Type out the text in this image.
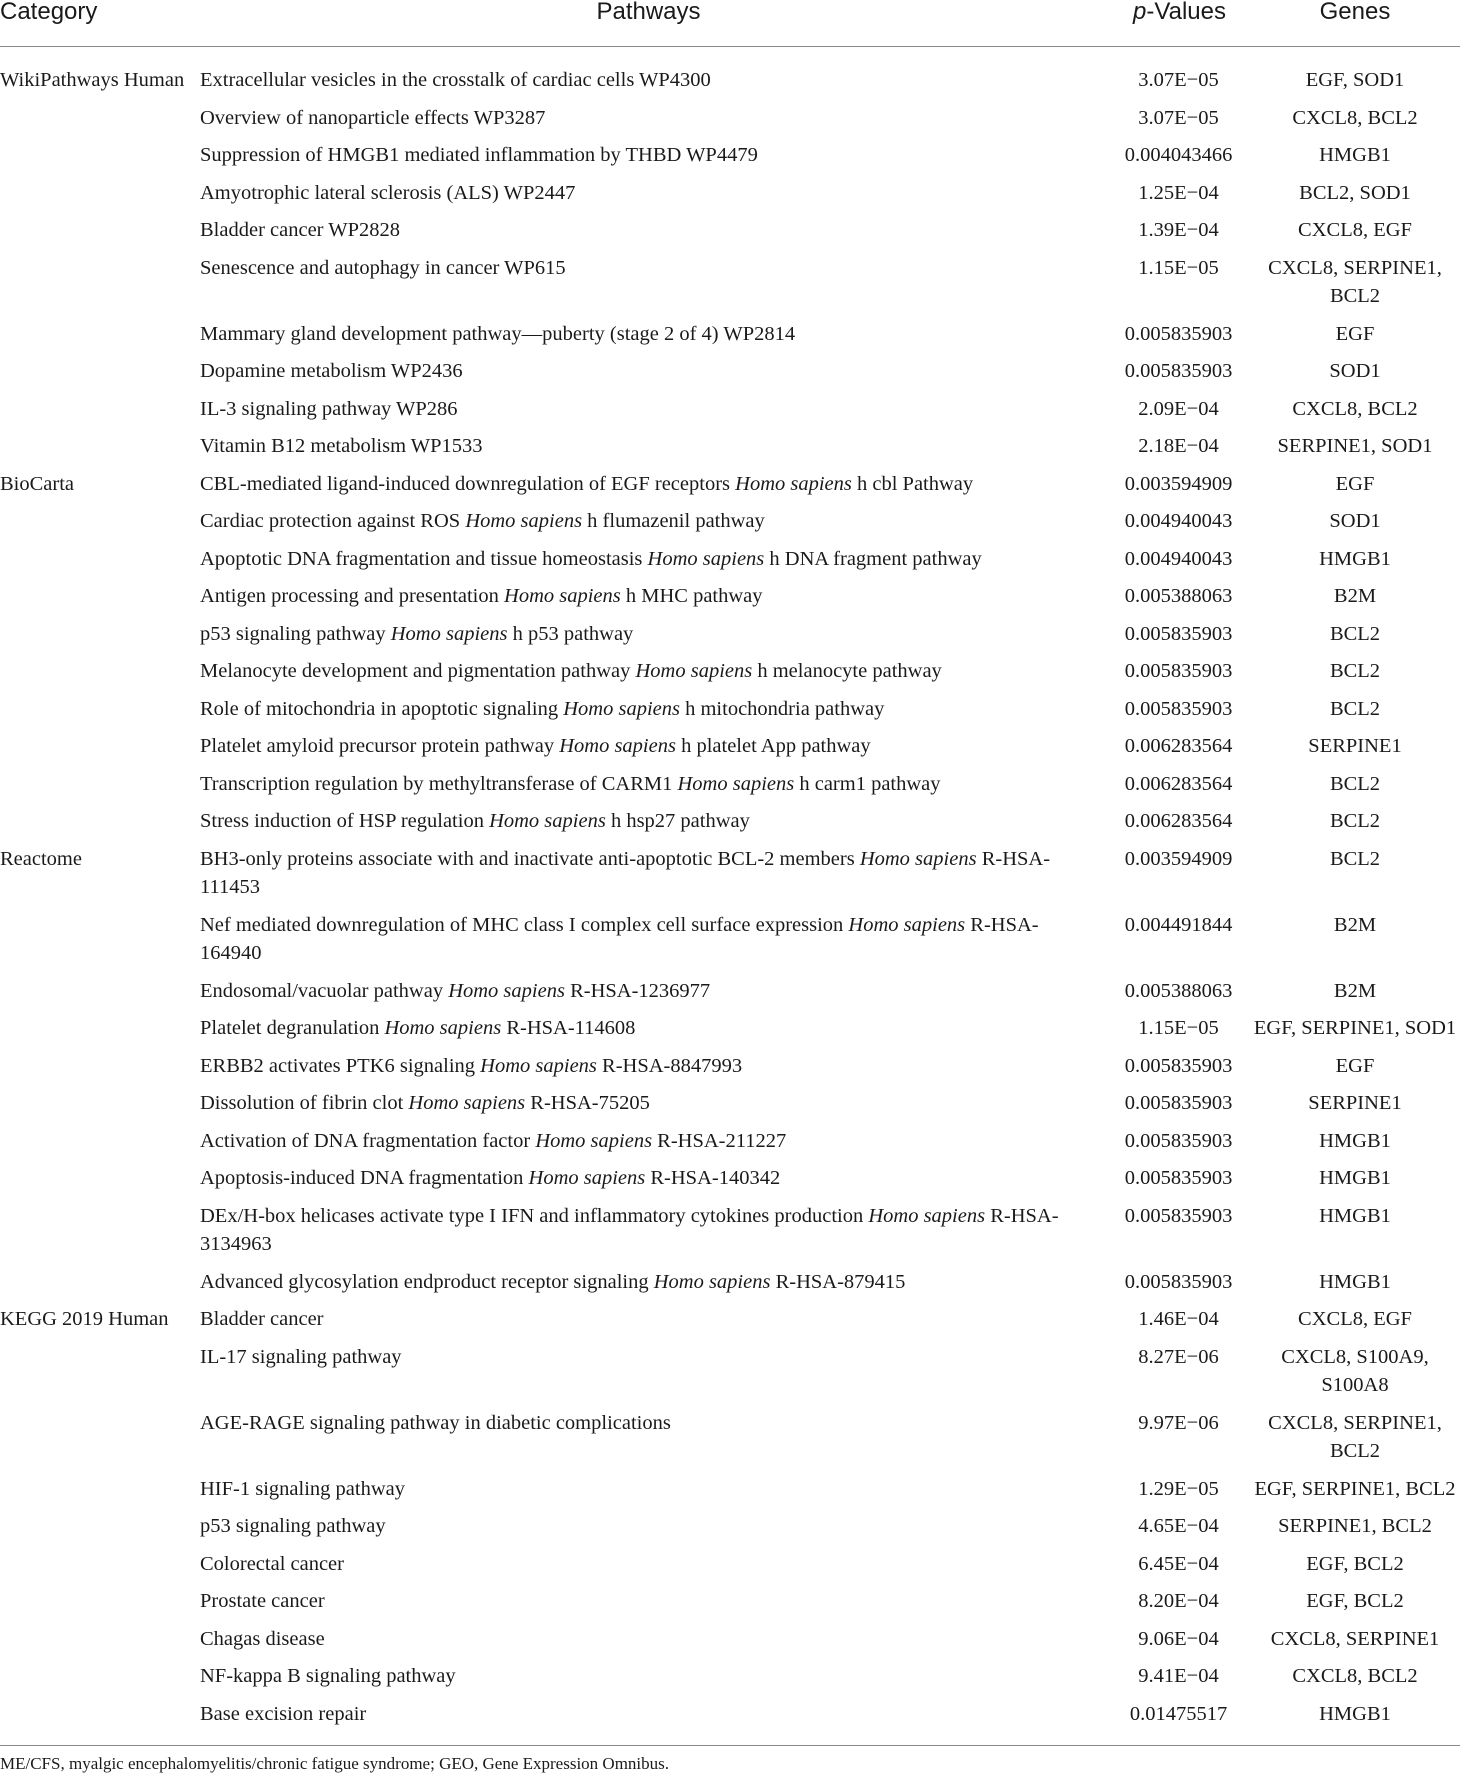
Category	Pathways	p-Values	Genes
WikiPathways Human	Extracellular vesicles in the crosstalk of cardiac cells WP4300	3.07E−05	EGF, SOD1
	Overview of nanoparticle effects WP3287	3.07E−05	CXCL8, BCL2
	Suppression of HMGB1 mediated inflammation by THBD WP4479	0.004043466	HMGB1
	Amyotrophic lateral sclerosis (ALS) WP2447	1.25E−04	BCL2, SOD1
	Bladder cancer WP2828	1.39E−04	CXCL8, EGF
	Senescence and autophagy in cancer WP615	1.15E−05	CXCL8, SERPINE1, BCL2
	Mammary gland development pathway—puberty (stage 2 of 4) WP2814	0.005835903	EGF
	Dopamine metabolism WP2436	0.005835903	SOD1
	IL-3 signaling pathway WP286	2.09E−04	CXCL8, BCL2
	Vitamin B12 metabolism WP1533	2.18E−04	SERPINE1, SOD1
BioCarta	CBL-mediated ligand-induced downregulation of EGF receptors Homo sapiens h cbl Pathway	0.003594909	EGF
	Cardiac protection against ROS Homo sapiens h flumazenil pathway	0.004940043	SOD1
	Apoptotic DNA fragmentation and tissue homeostasis Homo sapiens h DNA fragment pathway	0.004940043	HMGB1
	Antigen processing and presentation Homo sapiens h MHC pathway	0.005388063	B2M
	p53 signaling pathway Homo sapiens h p53 pathway	0.005835903	BCL2
	Melanocyte development and pigmentation pathway Homo sapiens h melanocyte pathway	0.005835903	BCL2
	Role of mitochondria in apoptotic signaling Homo sapiens h mitochondria pathway	0.005835903	BCL2
	Platelet amyloid precursor protein pathway Homo sapiens h platelet App pathway	0.006283564	SERPINE1
	Transcription regulation by methyltransferase of CARM1 Homo sapiens h carm1 pathway	0.006283564	BCL2
	Stress induction of HSP regulation Homo sapiens h hsp27 pathway	0.006283564	BCL2
Reactome	BH3-only proteins associate with and inactivate anti-apoptotic BCL-2 members Homo sapiens R-HSA-111453	0.003594909	BCL2
	Nef mediated downregulation of MHC class I complex cell surface expression Homo sapiens R-HSA-164940	0.004491844	B2M
	Endosomal/vacuolar pathway Homo sapiens R-HSA-1236977	0.005388063	B2M
	Platelet degranulation Homo sapiens R-HSA-114608	1.15E−05	EGF, SERPINE1, SOD1
	ERBB2 activates PTK6 signaling Homo sapiens R-HSA-8847993	0.005835903	EGF
	Dissolution of fibrin clot Homo sapiens R-HSA-75205	0.005835903	SERPINE1
	Activation of DNA fragmentation factor Homo sapiens R-HSA-211227	0.005835903	HMGB1
	Apoptosis-induced DNA fragmentation Homo sapiens R-HSA-140342	0.005835903	HMGB1
	DEx/H-box helicases activate type I IFN and inflammatory cytokines production Homo sapiens R-HSA-3134963	0.005835903	HMGB1
	Advanced glycosylation endproduct receptor signaling Homo sapiens R-HSA-879415	0.005835903	HMGB1
KEGG 2019 Human	Bladder cancer	1.46E−04	CXCL8, EGF
	IL-17 signaling pathway	8.27E−06	CXCL8, S100A9, S100A8
	AGE-RAGE signaling pathway in diabetic complications	9.97E−06	CXCL8, SERPINE1, BCL2
	HIF-1 signaling pathway	1.29E−05	EGF, SERPINE1, BCL2
	p53 signaling pathway	4.65E−04	SERPINE1, BCL2
	Colorectal cancer	6.45E−04	EGF, BCL2
	Prostate cancer	8.20E−04	EGF, BCL2
	Chagas disease	9.06E−04	CXCL8, SERPINE1
	NF-kappa B signaling pathway	9.41E−04	CXCL8, BCL2
	Base excision repair	0.01475517	HMGB1
ME/CFS, myalgic encephalomyelitis/chronic fatigue syndrome; GEO, Gene Expression Omnibus.
